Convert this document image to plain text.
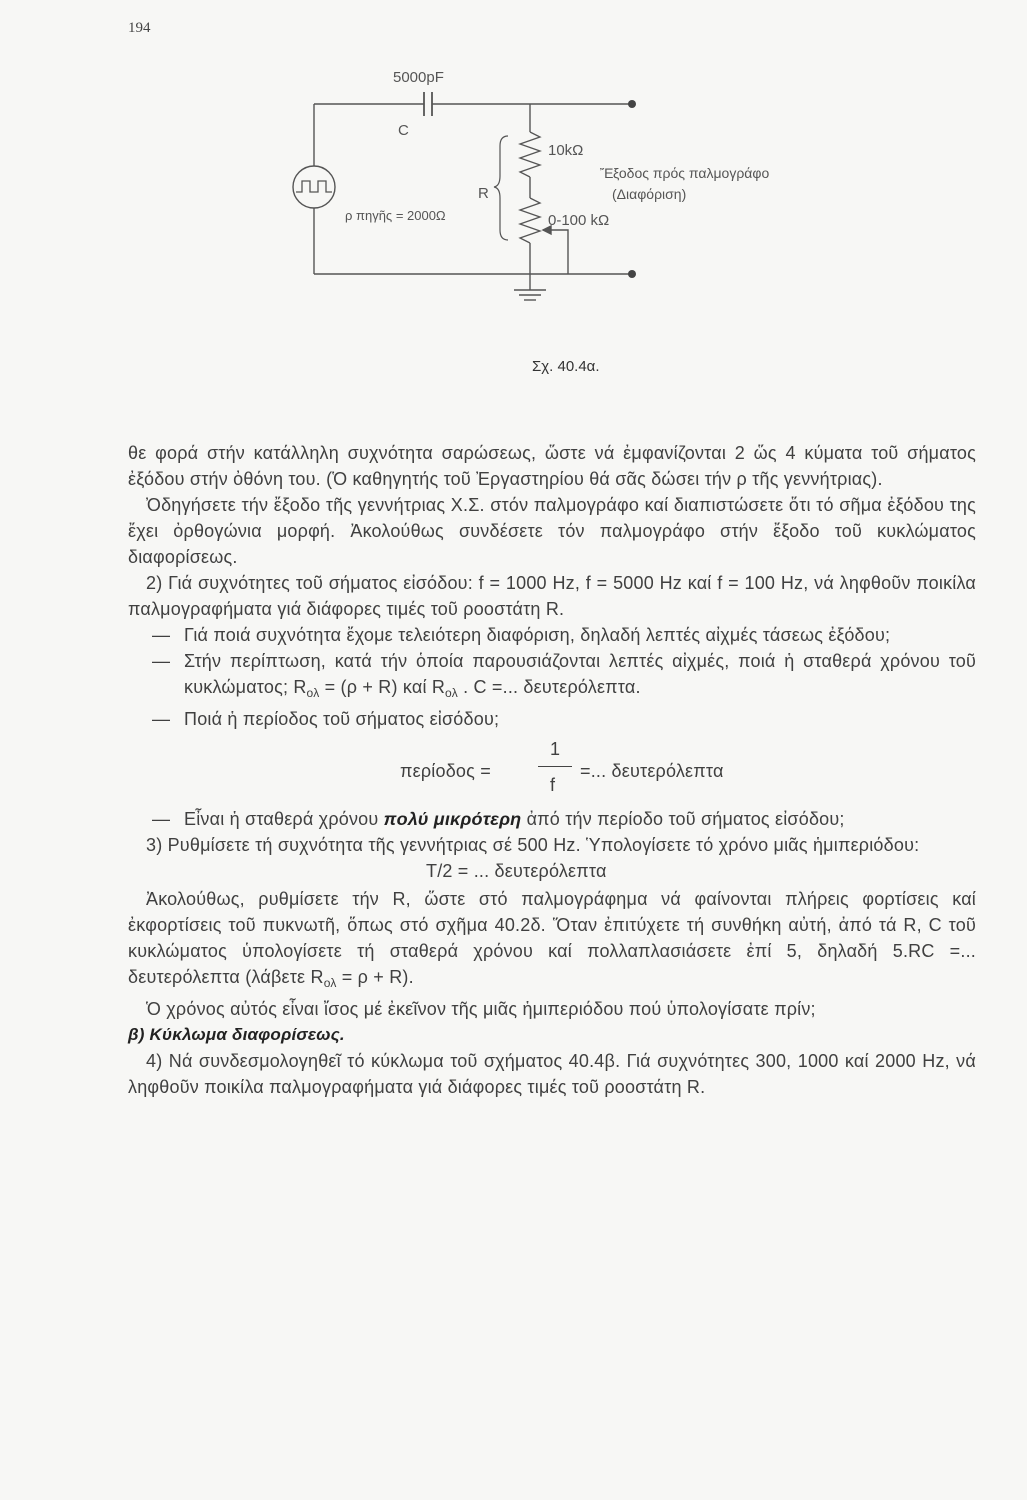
194
5000pF
C
R
10kΩ
0-100 kΩ
ρ πηγῆς = 2000Ω
Ἔξοδος πρός παλμογράφο
(Διαφόριση)
Σχ. 40.4α.

θε φορά στήν κατάλληλη συχνότητα σαρώσεως, ὥστε νά ἐμφανίζονται 2 ὥς 4 κύματα τοῦ σήματος ἐξόδου στήν ὀθόνη του. (Ὁ καθηγητής τοῦ Ἐργαστηρίου θά σᾶς δώσει τήν ρ τῆς γεννήτριας).

Ὀδηγήσετε τήν ἔξοδο τῆς γεννήτριας Χ.Σ. στόν παλμογράφο καί διαπιστώσετε ὅτι τό σῆμα ἐξόδου της ἔχει ὀρθογώνια μορφή. Ἀκολούθως συνδέσετε τόν παλμογράφο στήν ἔξοδο τοῦ κυκλώματος διαφορίσεως.

2) Γιά συχνότητες τοῦ σήματος εἰσόδου: f = 1000 Hz, f = 5000 Hz καί f = 100 Hz, νά ληφθοῦν ποικίλα παλμογραφήματα γιά διάφορες τιμές τοῦ ροοστάτη R.

— Γιά ποιά συχνότητα ἔχομε τελειότερη διαφόριση, δηλαδή λεπτές αἰχμές τάσεως ἐξόδου;

— Στήν περίπτωση, κατά τήν ὁποία παρουσιάζονται λεπτές αἰχμές, ποιά ἡ σταθερά χρόνου τοῦ κυκλώματος; $R_{o\lambda} = (\rho + R)$ καί $R_{o\lambda}$ . C =... δευτερόλεπτα.

— Ποιά ἡ περίοδος τοῦ σήματος εἰσόδου;

περίοδος =
1
f
=... δευτερόλεπτα

— Εἶναι ἡ σταθερά χρόνου πολύ μικρότερη ἀπό τήν περίοδο τοῦ σήματος εἰσόδου;

3) Ρυθμίσετε τή συχνότητα τῆς γεννήτριας σέ 500 Hz. Ὑπολογίσετε τό χρόνο μιᾶς ἡμιπεριόδου:

T/2 = ... δευτερόλεπτα

Ἀκολούθως, ρυθμίσετε τήν R, ὥστε στό παλμογράφημα νά φαίνονται πλήρεις φορτίσεις καί ἐκφορτίσεις τοῦ πυκνωτῆ, ὅπως στό σχῆμα 40.2δ. Ὅταν ἐπιτύχετε τή συνθήκη αὐτή, ἀπό τά R, C τοῦ κυκλώματος ὑπολογίσετε τή σταθερά χρόνου καί πολλαπλασιάσετε ἐπί 5, δηλαδή 5.RC =... δευτερόλεπτα (λάβετε $R_{o\lambda} = \rho + R$).

Ὁ χρόνος αὐτός εἶναι ἴσος μέ ἐκεῖνον τῆς μιᾶς ἡμιπεριόδου πού ὑπολογίσατε πρίν;

β) Κύκλωμα διαφορίσεως.

4) Νά συνδεσμολογηθεῖ τό κύκλωμα τοῦ σχήματος 40.4β. Γιά συχνότητες 300, 1000 καί 2000 Hz, νά ληφθοῦν ποικίλα παλμογραφήματα γιά διάφορες τιμές τοῦ ροοστάτη R.
